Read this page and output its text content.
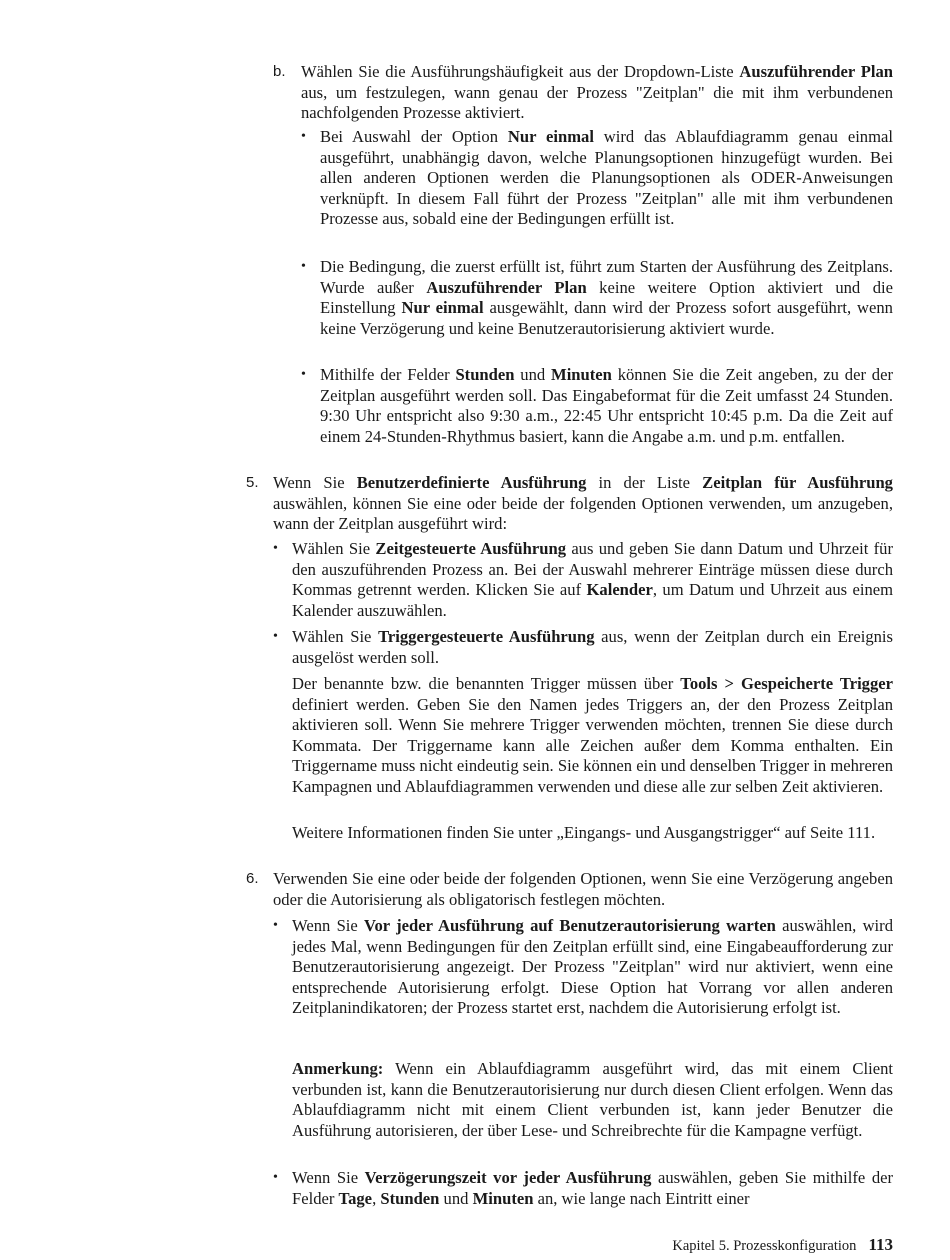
b. Wählen Sie die Ausführungshäufigkeit aus der Dropdown-Liste Auszuführender Plan aus, um festzulegen, wann genau der Prozess "Zeitplan" die mit ihm verbundenen nachfolgenden Prozesse aktiviert.

• Bei Auswahl der Option Nur einmal wird das Ablaufdiagramm genau einmal ausgeführt, unabhängig davon, welche Planungsoptionen hinzugefügt wurden. Bei allen anderen Optionen werden die Planungsoptionen als ODER-Anweisungen verknüpft. In diesem Fall führt der Prozess "Zeitplan" alle mit ihm verbundenen Prozesse aus, sobald eine der Bedingungen erfüllt ist.

• Die Bedingung, die zuerst erfüllt ist, führt zum Starten der Ausführung des Zeitplans. Wurde außer Auszuführender Plan keine weitere Option aktiviert und die Einstellung Nur einmal ausgewählt, dann wird der Prozess sofort ausgeführt, wenn keine Verzögerung und keine Benutzerautorisierung aktiviert wurde.

• Mithilfe der Felder Stunden und Minuten können Sie die Zeit angeben, zu der der Zeitplan ausgeführt werden soll. Das Eingabeformat für die Zeit umfasst 24 Stunden. 9:30 Uhr entspricht also 9:30 a.m., 22:45 Uhr entspricht 10:45 p.m. Da die Zeit auf einem 24-Stunden-Rhythmus basiert, kann die Angabe a.m. und p.m. entfallen.

5. Wenn Sie Benutzerdefinierte Ausführung in der Liste Zeitplan für Ausführung auswählen, können Sie eine oder beide der folgenden Optionen verwenden, um anzugeben, wann der Zeitplan ausgeführt wird:

• Wählen Sie Zeitgesteuerte Ausführung aus und geben Sie dann Datum und Uhrzeit für den auszuführenden Prozess an. Bei der Auswahl mehrerer Einträge müssen diese durch Kommas getrennt werden. Klicken Sie auf Kalender, um Datum und Uhrzeit aus einem Kalender auszuwählen.

• Wählen Sie Triggergesteuerte Ausführung aus, wenn der Zeitplan durch ein Ereignis ausgelöst werden soll.

Der benannte bzw. die benannten Trigger müssen über Tools > Gespeicherte Trigger definiert werden. Geben Sie den Namen jedes Triggers an, der den Prozess Zeitplan aktivieren soll. Wenn Sie mehrere Trigger verwenden möchten, trennen Sie diese durch Kommata. Der Triggername kann alle Zeichen außer dem Komma enthalten. Ein Triggername muss nicht eindeutig sein. Sie können ein und denselben Trigger in mehreren Kampagnen und Ablaufdiagrammen verwenden und diese alle zur selben Zeit aktivieren.

Weitere Informationen finden Sie unter „Eingangs- und Ausgangstrigger“ auf Seite 111.

6. Verwenden Sie eine oder beide der folgenden Optionen, wenn Sie eine Verzögerung angeben oder die Autorisierung als obligatorisch festlegen möchten.

• Wenn Sie Vor jeder Ausführung auf Benutzerautorisierung warten auswählen, wird jedes Mal, wenn Bedingungen für den Zeitplan erfüllt sind, eine Eingabeaufforderung zur Benutzerautorisierung angezeigt. Der Prozess "Zeitplan" wird nur aktiviert, wenn eine entsprechende Autorisierung erfolgt. Diese Option hat Vorrang vor allen anderen Zeitplanindikatoren; der Prozess startet erst, nachdem die Autorisierung erfolgt ist.

Anmerkung: Wenn ein Ablaufdiagramm ausgeführt wird, das mit einem Client verbunden ist, kann die Benutzerautorisierung nur durch diesen Client erfolgen. Wenn das Ablaufdiagramm nicht mit einem Client verbunden ist, kann jeder Benutzer die Ausführung autorisieren, der über Lese- und Schreibrechte für die Kampagne verfügt.

• Wenn Sie Verzögerungszeit vor jeder Ausführung auswählen, geben Sie mithilfe der Felder Tage, Stunden und Minuten an, wie lange nach Eintritt einer

Kapitel 5. Prozesskonfiguration 113
